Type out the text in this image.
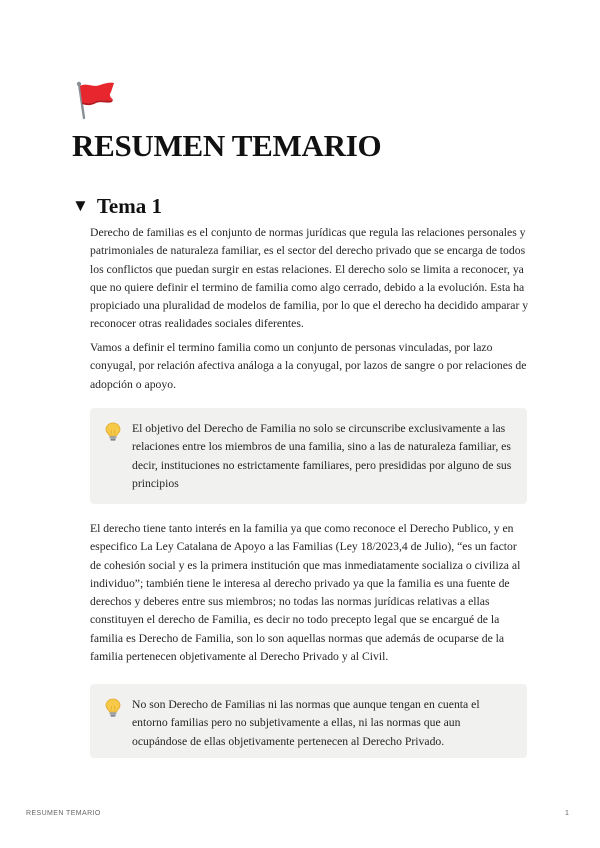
RESUMEN TEMARIO
▼ Tema 1

Derecho de familias es el conjunto de normas jurídicas que regula las relaciones personales y patrimoniales de naturaleza familiar, es el sector del derecho privado que se encarga de todos los conflictos que puedan surgir en estas relaciones. El derecho solo se limita a reconocer, ya que no quiere definir el termino de familia como algo cerrado, debido a la evolución. Esta ha propiciado una pluralidad de modelos de familia, por lo que el derecho ha decidido amparar y reconocer otras realidades sociales diferentes.

Vamos a definir el termino familia como un conjunto de personas vinculadas, por lazo conyugal, por relación afectiva análoga a la conyugal, por lazos de sangre o por relaciones de adopción o apoyo.

El objetivo del Derecho de Familia no solo se circunscribe exclusivamente a las relaciones entre los miembros de una familia, sino a las de naturaleza familiar, es decir, instituciones no estrictamente familiares, pero presididas por alguno de sus principios

El derecho tiene tanto interés en la familia ya que como reconoce el Derecho Publico, y en especifico La Ley Catalana de Apoyo a las Familias (Ley 18/2023,4 de Julio), “es un factor de cohesión social y es la primera institución que mas inmediatamente socializa o civiliza al individuo”; también tiene le interesa al derecho privado ya que la familia es una fuente de derechos y deberes entre sus miembros; no todas las normas jurídicas relativas a ellas constituyen el derecho de Familia, es decir no todo precepto legal que se encargué de la familia es Derecho de Familia, son lo son aquellas normas que además de ocuparse de la familia pertenecen objetivamente al Derecho Privado y al Civil.

No son Derecho de Familias ni las normas que aunque tengan en cuenta el entorno familias pero no subjetivamente a ellas, ni las normas que aun ocupándose de ellas objetivamente pertenecen al Derecho Privado.

RESUMEN TEMARIO	1
